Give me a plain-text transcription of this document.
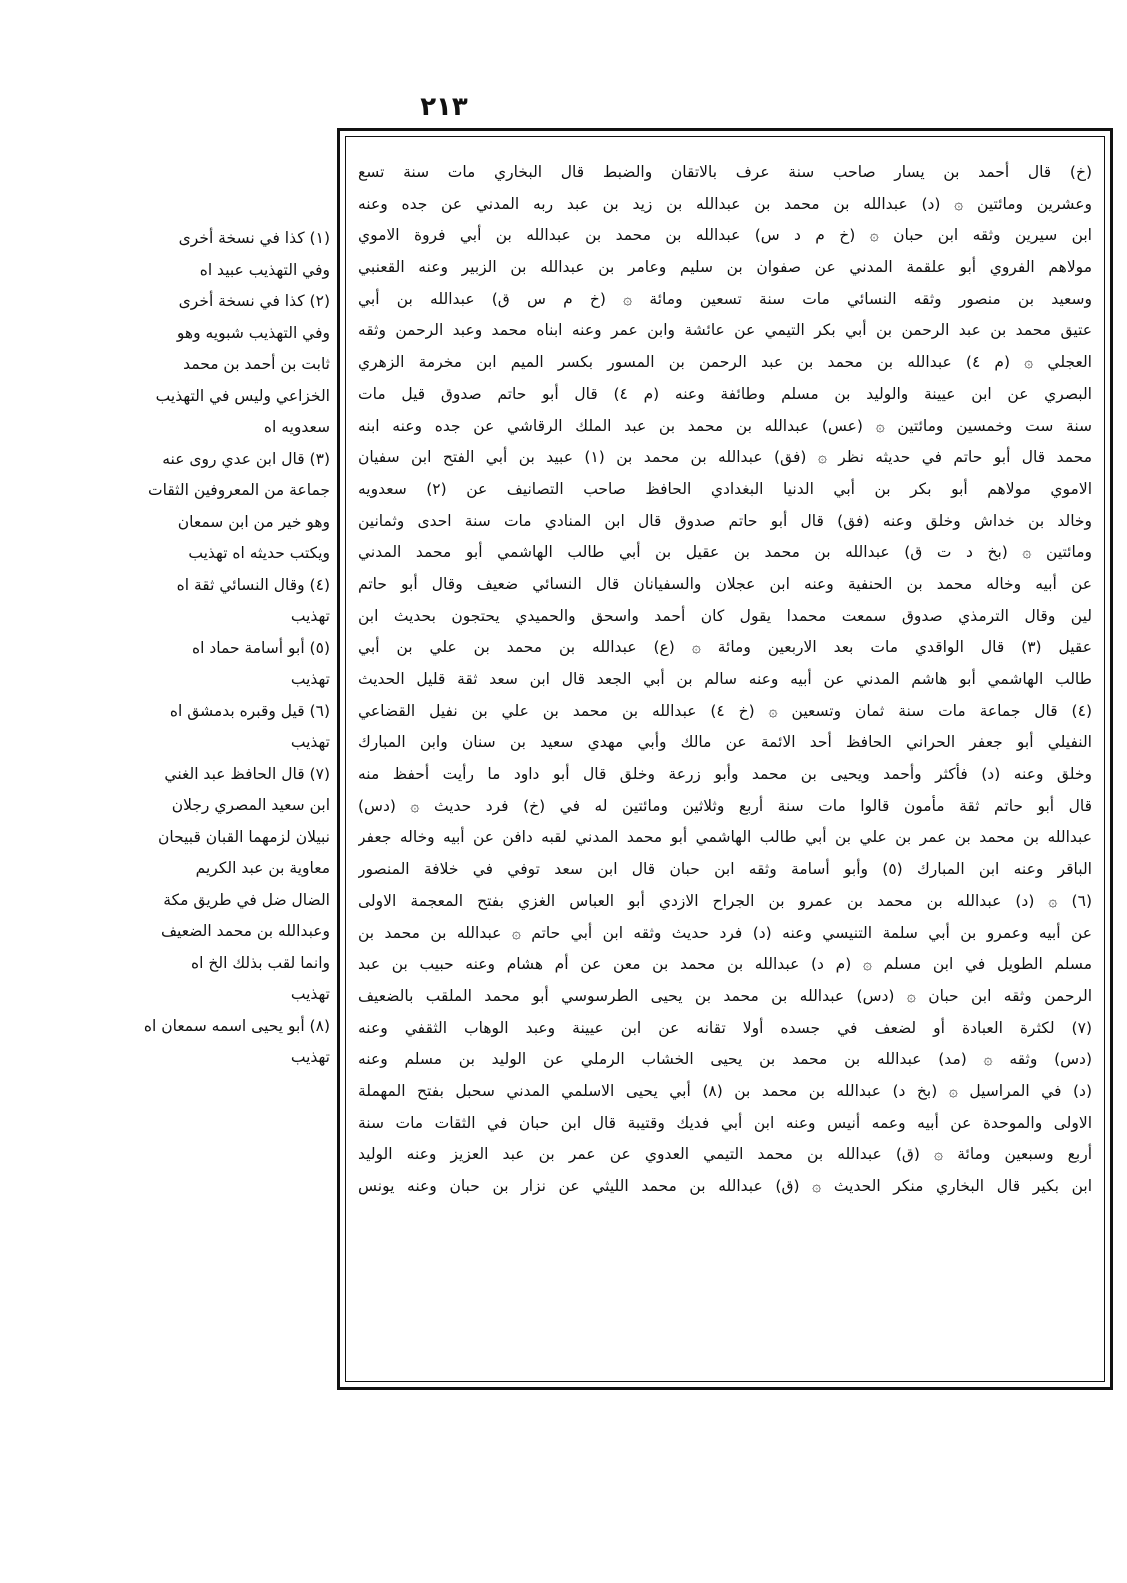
٢١٣
(خ) قال أحمد بن يسار صاحب سنة عرف بالاتقان والضبط قال البخاري مات سنة تسع
وعشرين ومائتين ۞ (د) عبدالله بن محمد بن عبدالله بن زيد بن عبد ربه المدني عن جده وعنه
ابن سيرين وثقه ابن حبان ۞ (خ م د س) عبدالله بن محمد بن عبدالله بن أبي فروة الاموي
مولاهم الفروي أبو علقمة المدني عن صفوان بن سليم وعامر بن عبدالله بن الزبير وعنه القعنبي
وسعيد بن منصور وثقه النسائي مات سنة تسعين ومائة ۞ (خ م س ق) عبدالله بن أبي
عتيق محمد بن عبد الرحمن بن أبي بكر التيمي عن عائشة وابن عمر وعنه ابناه محمد وعبد الرحمن وثقه
العجلي ۞ (م ٤) عبدالله بن محمد بن عبد الرحمن بن المسور بكسر الميم ابن مخرمة الزهري
البصري عن ابن عيينة والوليد بن مسلم وطائفة وعنه (م ٤) قال أبو حاتم صدوق قيل مات
سنة ست وخمسين ومائتين ۞ (عس) عبدالله بن محمد بن عبد الملك الرقاشي عن جده وعنه ابنه
محمد قال أبو حاتم في حديثه نظر ۞ (فق) عبدالله بن محمد بن (١) عبيد بن أبي الفتح ابن سفيان
الاموي مولاهم أبو بكر بن أبي الدنيا البغدادي الحافظ صاحب التصانيف عن (٢) سعدويه
وخالد بن خداش وخلق وعنه (فق) قال أبو حاتم صدوق قال ابن المنادي مات سنة احدى وثمانين
ومائتين ۞ (بخ د ت ق) عبدالله بن محمد بن عقيل بن أبي طالب الهاشمي أبو محمد المدني
عن أبيه وخاله محمد بن الحنفية وعنه ابن عجلان والسفيانان قال النسائي ضعيف وقال أبو حاتم
لين وقال الترمذي صدوق سمعت محمدا يقول كان أحمد واسحق والحميدي يحتجون بحديث ابن
عقيل (٣) قال الواقدي مات بعد الاربعين ومائة ۞ (ع) عبدالله بن محمد بن علي بن أبي
طالب الهاشمي أبو هاشم المدني عن أبيه وعنه سالم بن أبي الجعد قال ابن سعد ثقة قليل الحديث
(٤) قال جماعة مات سنة ثمان وتسعين ۞ (خ ٤) عبدالله بن محمد بن علي بن نفيل القضاعي
النفيلي أبو جعفر الحراني الحافظ أحد الائمة عن مالك وأبي مهدي سعيد بن سنان وابن المبارك
وخلق وعنه (د) فأكثر وأحمد ويحيى بن محمد وأبو زرعة وخلق قال أبو داود ما رأيت أحفظ منه
قال أبو حاتم ثقة مأمون قالوا مات سنة أربع وثلاثين ومائتين له في (خ) فرد حديث ۞ (دس)
عبدالله بن محمد بن عمر بن علي بن أبي طالب الهاشمي أبو محمد المدني لقبه دافن عن أبيه وخاله جعفر
الباقر وعنه ابن المبارك (٥) وأبو أسامة وثقه ابن حبان قال ابن سعد توفي في خلافة المنصور
(٦) ۞ (د) عبدالله بن محمد بن عمرو بن الجراح الازدي أبو العباس الغزي بفتح المعجمة الاولى
عن أبيه وعمرو بن أبي سلمة التنيسي وعنه (د) فرد حديث وثقه ابن أبي حاتم ۞ عبدالله بن محمد بن
مسلم الطويل في ابن مسلم ۞ (م د) عبدالله بن محمد بن معن عن أم هشام وعنه حبيب بن عبد
الرحمن وثقه ابن حبان ۞ (دس) عبدالله بن محمد بن يحيى الطرسوسي أبو محمد الملقب بالضعيف
(٧) لكثرة العبادة أو لضعف في جسده أولا تقانه عن ابن عيينة وعبد الوهاب الثقفي وعنه
(دس) وثقه ۞ (مد) عبدالله بن محمد بن يحيى الخشاب الرملي عن الوليد بن مسلم وعنه
(د) في المراسيل ۞ (بخ د) عبدالله بن محمد بن (٨) أبي يحيى الاسلمي المدني سحبل بفتح المهملة
الاولى والموحدة عن أبيه وعمه أنيس وعنه ابن أبي فديك وقتيبة قال ابن حبان في الثقات مات سنة
أربع وسبعين ومائة ۞ (ق) عبدالله بن محمد التيمي العدوي عن عمر بن عبد العزيز وعنه الوليد
ابن بكير قال البخاري منكر الحديث ۞ (ق) عبدالله بن محمد الليثي عن نزار بن حبان وعنه يونس
(١) كذا في نسخة أخرى
وفي التهذيب عبيد اه
(٢) كذا في نسخة أخرى
وفي التهذيب شبويه وهو
ثابت بن أحمد بن محمد
الخزاعي وليس في التهذيب
سعدويه اه
(٣) قال ابن عدي روى عنه
جماعة من المعروفين الثقات
وهو خير من ابن سمعان
ويكتب حديثه اه تهذيب
(٤) وقال النسائي ثقة اه
تهذيب
(٥) أبو أسامة حماد اه
تهذيب
(٦) قيل وقبره بدمشق اه
تهذيب
(٧) قال الحافظ عبد الغني
ابن سعيد المصري رجلان
نبيلان لزمهما القبان قبيحان
معاوية بن عبد الكريم
الضال ضل في طريق مكة
وعبدالله بن محمد الضعيف
وانما لقب بذلك الخ اه
تهذيب
(٨) أبو يحيى اسمه سمعان اه
تهذيب
